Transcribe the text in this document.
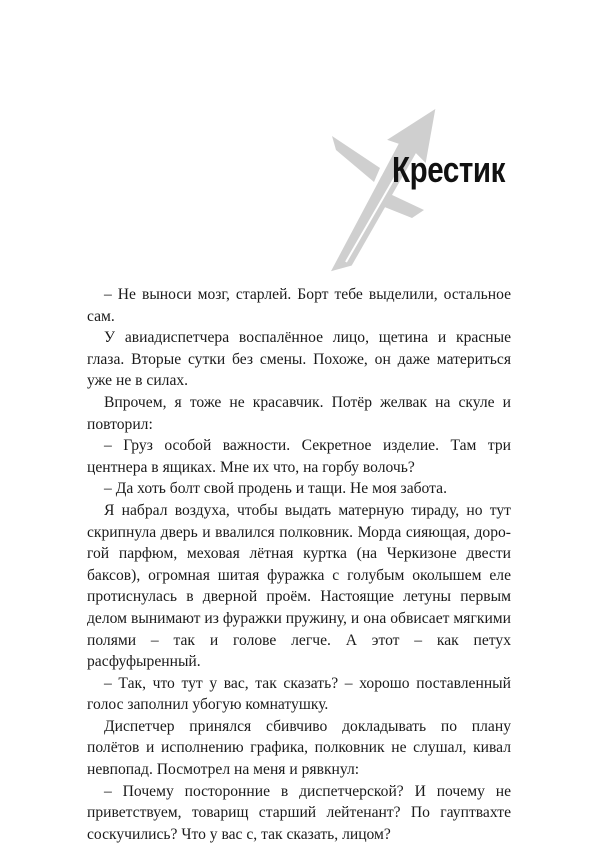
Крестик

– Не выноси мозг, старлей. Борт тебе выделили, остальное сам.

У авиадиспетчера воспалённое лицо, щетина и красные глаза. Вторые сутки без смены. Похоже, он даже материться уже не в силах.

Впрочем, я тоже не красавчик. Потёр желвак на скуле и повторил:

– Груз особой важности. Секретное изделие. Там три центнера в ящиках. Мне их что, на горбу волочь?

– Да хоть болт свой продень и тащи. Не моя забота.

Я набрал воздуха, чтобы выдать матерную тираду, но тут скрипнула дверь и ввалился полковник. Морда сияющая, дорогой парфюм, меховая лётная куртка (на Черкизоне двести баксов), огромная шитая фуражка с голубым околышем еле протиснулась в дверной проём. Настоящие летуны первым делом вынимают из фуражки пружину, и она обвисает мягкими полями – так и голове легче. А этот – как петух расфуфыренный.

– Так, что тут у вас, так сказать? – хорошо поставленный голос заполнил убогую комнатушку.

Диспетчер принялся сбивчиво докладывать по плану полётов и исполнению графика, полковник не слушал, кивал невпопад. Посмотрел на меня и рявкнул:

– Почему посторонние в диспетчерской? И почему не приветствуем, товарищ старший лейтенант? По гауптвахте соскучились? Что у вас с, так сказать, лицом?
